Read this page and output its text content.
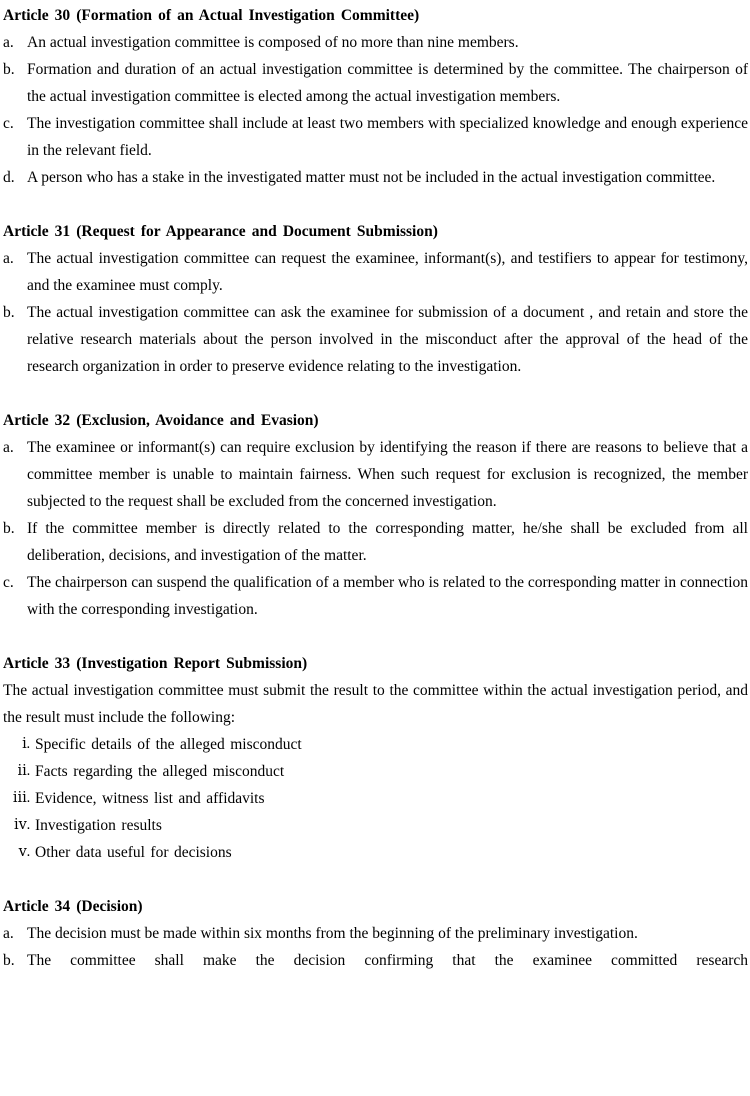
Article 30 (Formation of an Actual Investigation Committee)
a. An actual investigation committee is composed of no more than nine members.
b. Formation and duration of an actual investigation committee is determined by the committee. The chairperson of the actual investigation committee is elected among the actual investigation members.
c. The investigation committee shall include at least two members with specialized knowledge and enough experience in the relevant field.
d. A person who has a stake in the investigated matter must not be included in the actual investigation committee.
Article 31 (Request for Appearance and Document Submission)
a. The actual investigation committee can request the examinee, informant(s), and testifiers to appear for testimony, and the examinee must comply.
b. The actual investigation committee can ask the examinee for submission of a document , and retain and store the relative research materials about the person involved in the misconduct after the approval of the head of the research organization in order to preserve evidence relating to the investigation.
Article 32 (Exclusion, Avoidance and Evasion)
a. The examinee or informant(s) can require exclusion by identifying the reason if there are reasons to believe that a committee member is unable to maintain fairness. When such request for exclusion is recognized, the member subjected to the request shall be excluded from the concerned investigation.
b. If the committee member is directly related to the corresponding matter, he/she shall be excluded from all deliberation, decisions, and investigation of the matter.
c. The chairperson can suspend the qualification of a member who is related to the corresponding matter in connection with the corresponding investigation.
Article 33 (Investigation Report Submission)

The actual investigation committee must submit the result to the committee within the actual investigation period, and the result must include the following:

ⅰ. Specific details of the alleged misconduct
ⅱ. Facts regarding the alleged misconduct
ⅲ. Evidence, witness list and affidavits
ⅳ. Investigation results
ⅴ. Other data useful for decisions
Article 34 (Decision)
a. The decision must be made within six months from the beginning of the preliminary investigation.
b. The committee shall make the decision confirming that the examinee committed research
